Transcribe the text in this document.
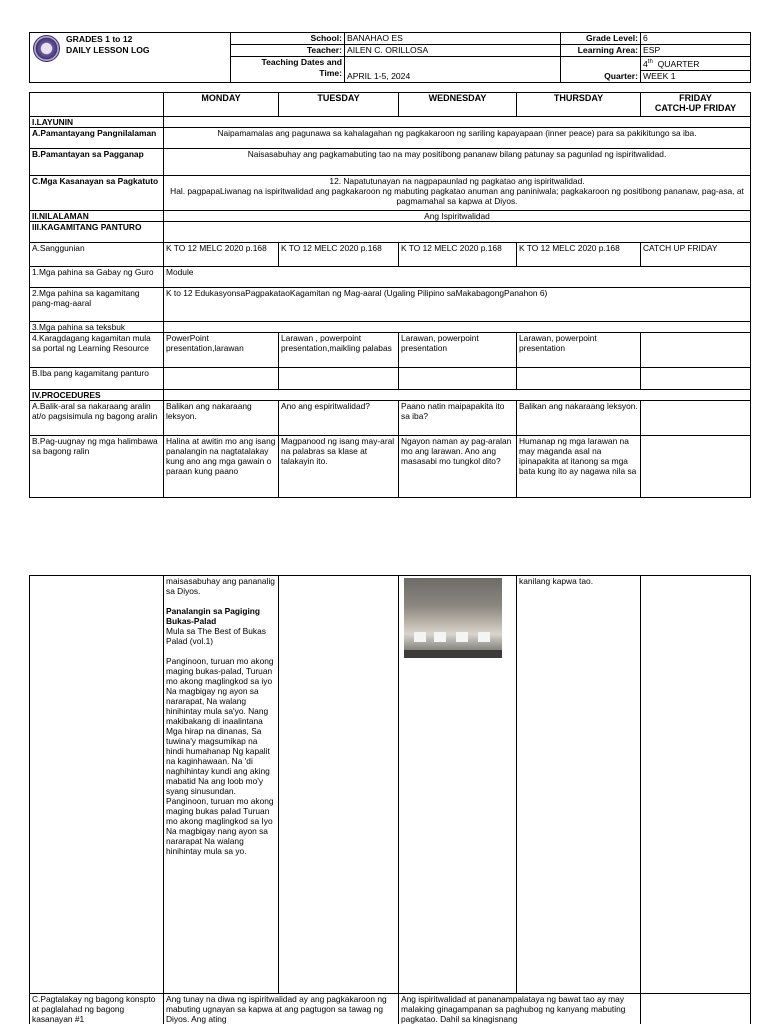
GRADES 1 to 12
DAILY LESSON LOG	School:	BANAHAO ES	Grade Level:	6
	Teacher:	AILEN C. ORILLOSA	Learning Area:	ESP

	Teaching Dates and
Time:	APRIL 1-5, 2024	Quarter:	4th QUARTER
				WEEK 1
	MONDAY	TUESDAY	WEDNESDAY	THURSDAY	FRIDAY
CATCH-UP FRIDAY

I.LAYUNIN					
A.Pamantayang Pangnilalaman	Naipamamalas ang pagunawa sa kahalagahan ng pagkakaroon ng sariling kapayapaan (inner peace) para sa pakikitungo sa iba.				
B.Pamantayan sa Pagganap	Naisasabuhay ang pagkamabuting tao na may positibong pananaw bilang patunay sa pagunlad ng ispiritwalidad.				
C.Mga Kasanayan sa Pagkatuto	12. Napatutunayan na nagpapaunlad ng pagkatao ang ispiritwalidad.
Hal. pagpapaLiwanag na ispiritwalidad ang pagkakaroon ng mabuting pagkatao anuman ang paniniwala; pagkakaroon ng positibong pananaw, pag-asa, at pagmamahal sa kapwa at Diyos.				

II.NILALAMAN	Ang Ispiritwalidad				
III.KAGAMITANG PANTURO					
A.Sanggunian	K TO 12 MELC 2020 p.168	K TO 12 MELC 2020 p.168	K TO 12 MELC 2020 p.168	K TO 12 MELC 2020 p.168	CATCH UP FRIDAY
1.Mga pahina sa Gabay ng Guro	Module				
2.Mga pahina sa kagamitang pang-mag-aaral	K to 12 EdukasyonsaPagpakataoKagamitan ng Mag-aaral (Ugaling Pilipino saMakabagongPanahon 6)				
3.Mga pahina sa teksbuk					
4.Karagdagang kagamitan mula sa portal ng Learning Resource	PowerPoint presentation,larawan	Larawan , powerpoint presentation,maikling palabas	Larawan, powerpoint presentation	Larawan, powerpoint presentation	
B.Iba pang kagamitang panturo					
IV.PROCEDURES					
A.Balik-aral sa nakaraang aralin at/o pagsisimula ng bagong aralin	Balikan ang nakaraang leksyon.	Ano ang espiritwalidad?	Paano natin maipapakita ito sa iba?	Balikan ang nakaraang leksyon.	
B.Pag-uugnay ng mga halimbawa sa bagong ralin	Halina at awitin mo ang isang panalangin na nagtatalakay kung ano ang mga gawain o paraan kung paano	Magpanood ng isang may-aral na palabras sa klase at talakayin ito.	Ngayon naman ay pag-aralan mo ang larawan. Ano ang masasabi mo tungkol dito?	Humanap ng mga larawan na may maganda asal na ipinapakita at itanong sa mga bata kung ito ay nagawa nila sa	

	maisasabuhay ang pananalig sa Diyos.
Panalangin sa Pagiging Bukas-Palad
Mula sa The Best of Bukas Palad (vol.1)
Panginoon, turuan mo akong maging bukas-palad, Turuan mo akong maglingkod sa iyo Na magbigay ng ayon sa nararapat, Na walang hinihintay mula sa'yo. Nang makibakang di inaalintana Mga hirap na dinanas, Sa tuwina'y magsumikap na hindi humahanap Ng kapalit na kaginhawaan. Na 'di naghihintay kundi ang aking mabatid Na ang loob mo'y syang sinusundan. Panginoon, turuan mo akong maging bukas palad Turuan mo akong maglingkod sa Iyo Na magbigay nang ayon sa nararapat Na walang hinihintay mula sa yo.			kanilang kapwa tao.	
C.Pagtalakay ng bagong konspto at paglalahad ng bagong kasanayan #1	Ang tunay na diwa ng ispiritwalidad ay ang pagkakaroon ng mabuting ugnayan sa kapwa at ang pagtugon sa tawag ng Diyos. Ang ating		Ang ispiritwalidad at pananampalataya ng bawat tao ay may malaking ginagampanan sa paghubog ng kanyang mabuting pagkatao. Dahil sa kinagisnang		
